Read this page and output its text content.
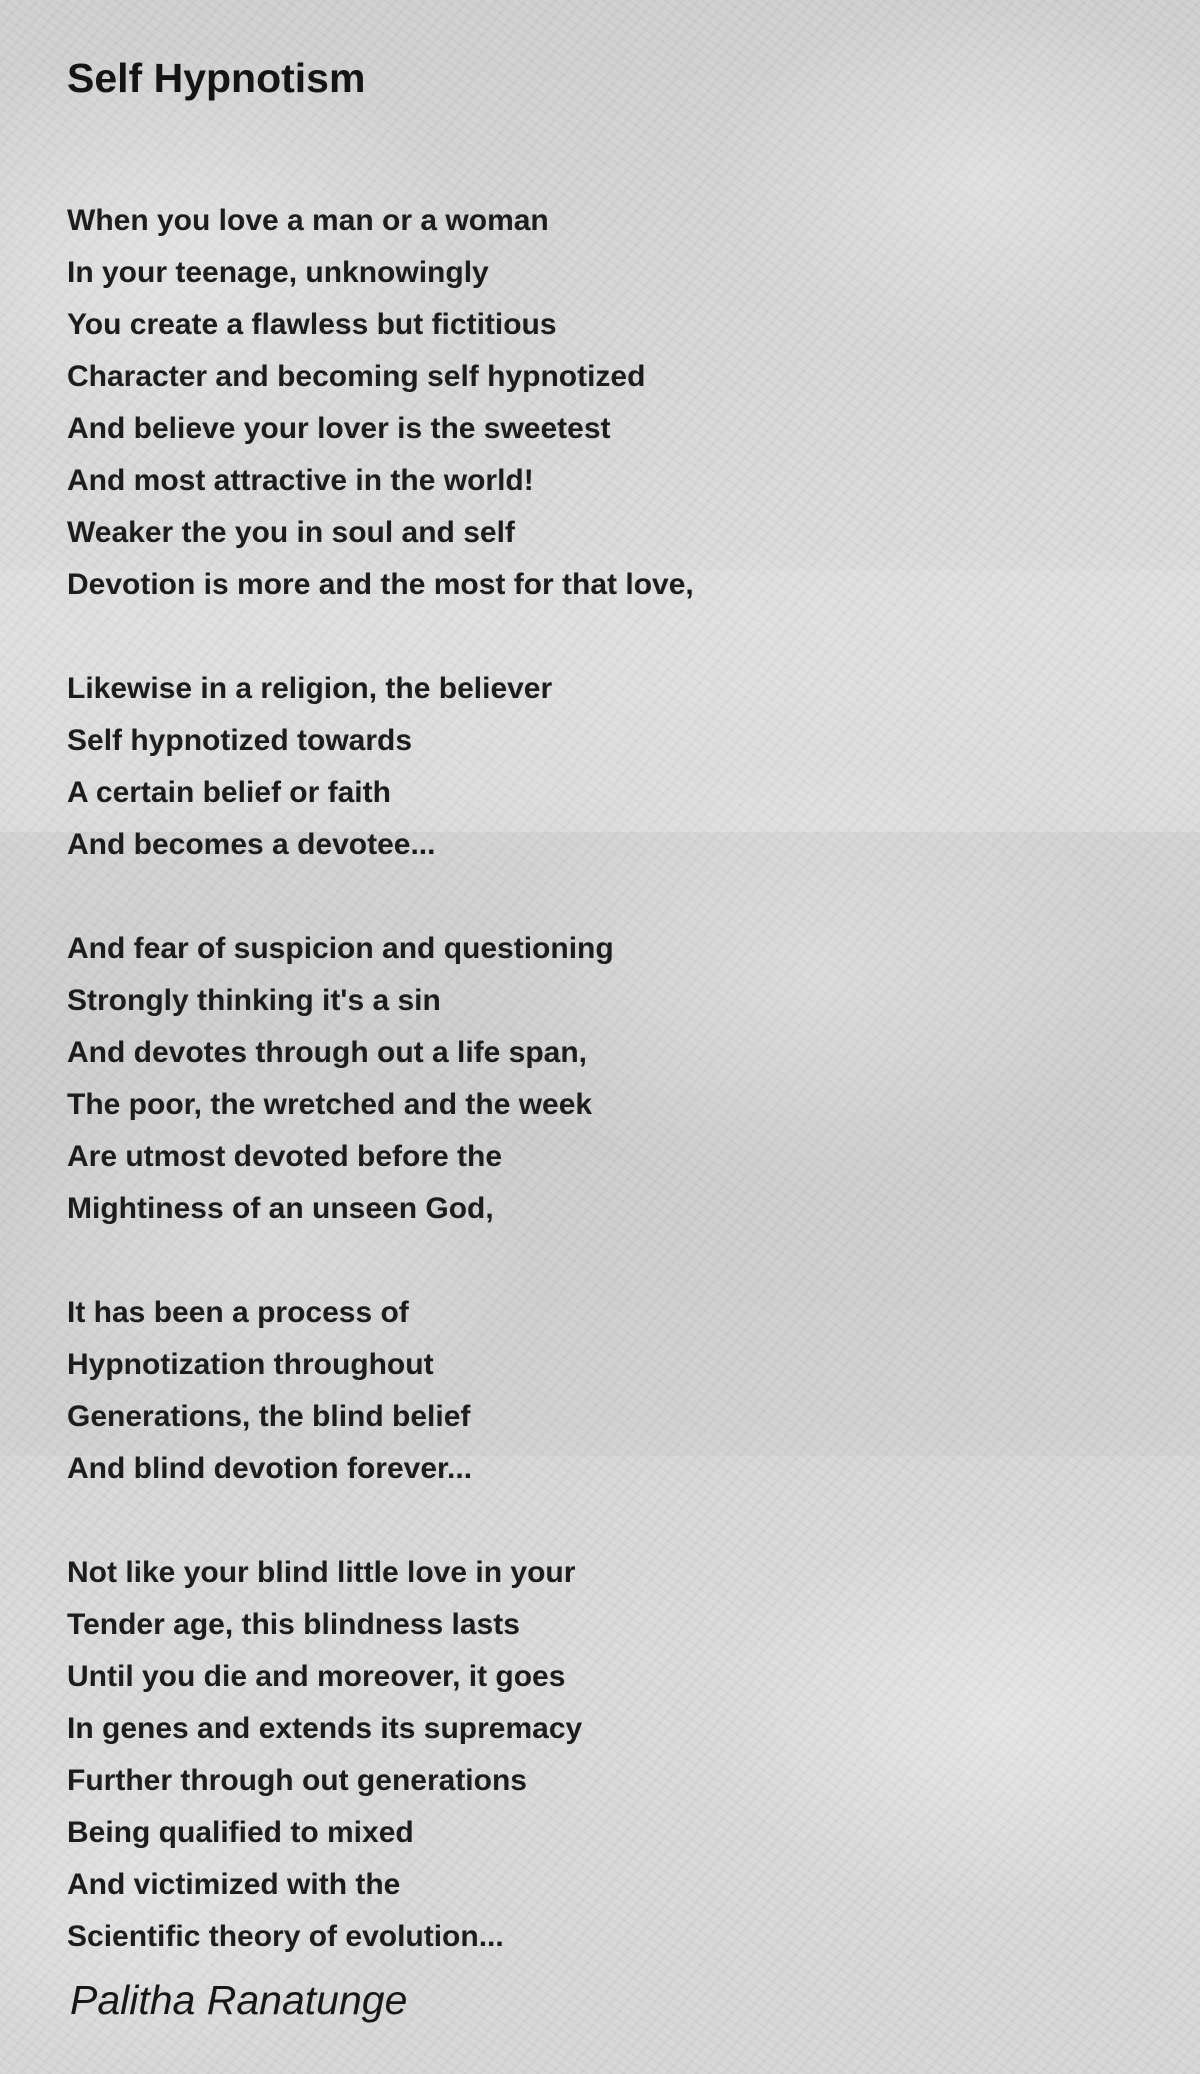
Self Hypnotism
When you love a man or a woman
In your teenage, unknowingly
You create a flawless but fictitious
Character and becoming self hypnotized
And believe your lover is the sweetest
And most attractive in the world!
Weaker the you in soul and self
Devotion is more and the most for that love,
Likewise in a religion, the believer
Self hypnotized towards
A certain belief or faith
And becomes a devotee...
And fear of suspicion and questioning
Strongly thinking it's a sin
And devotes through out a life span,
The poor, the wretched and the week
Are utmost devoted before the
Mightiness of an unseen God,
It has been a process of
Hypnotization throughout
Generations, the blind belief
And blind devotion forever...
Not like your blind little love in your
Tender age, this blindness lasts
Until you die and moreover, it goes
In genes and extends its supremacy
Further through out generations
Being qualified to mixed
And victimized with the
Scientific theory of evolution...
Palitha Ranatunge
